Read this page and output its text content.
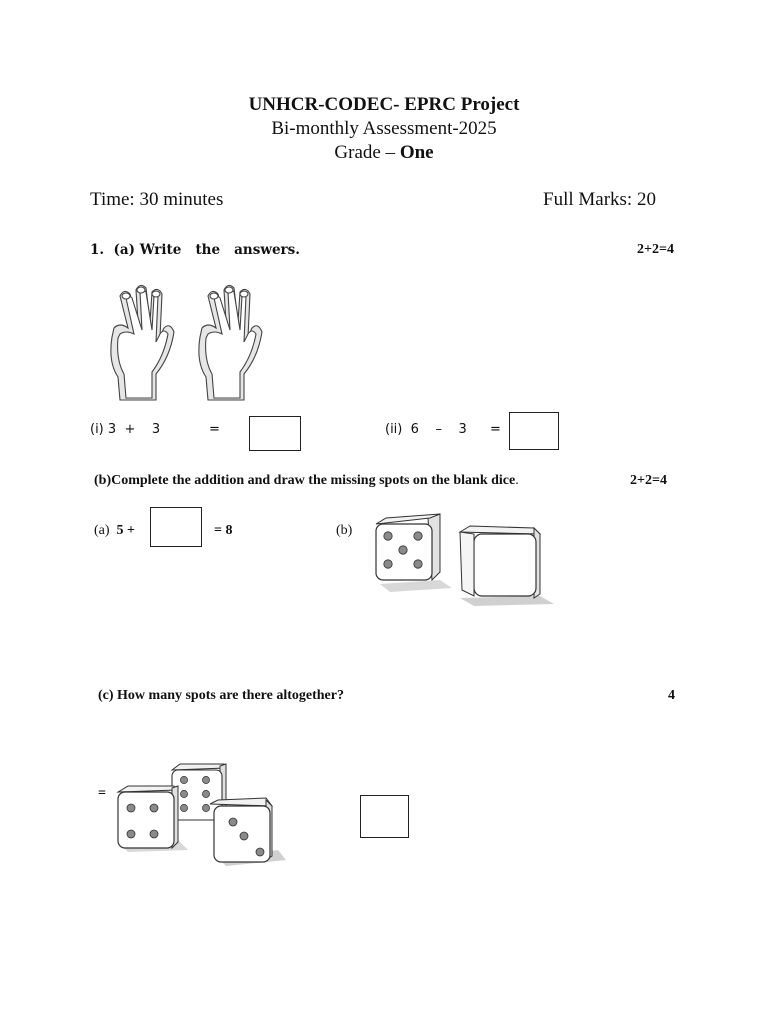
UNHCR-CODEC- EPRC Project
Bi-monthly Assessment-2025
Grade – One
Time: 30 minutes	Full Marks: 20
1. (a) Write   the   answers.	2+2=4
(i) 3 + 3	=	(ii) 6 – 3 =
(b)Complete the addition and draw the missing spots on the blank dice.	2+2=4
(a) 5 +	= 8	(b)
(c) How many spots are there altogether?	4
=
